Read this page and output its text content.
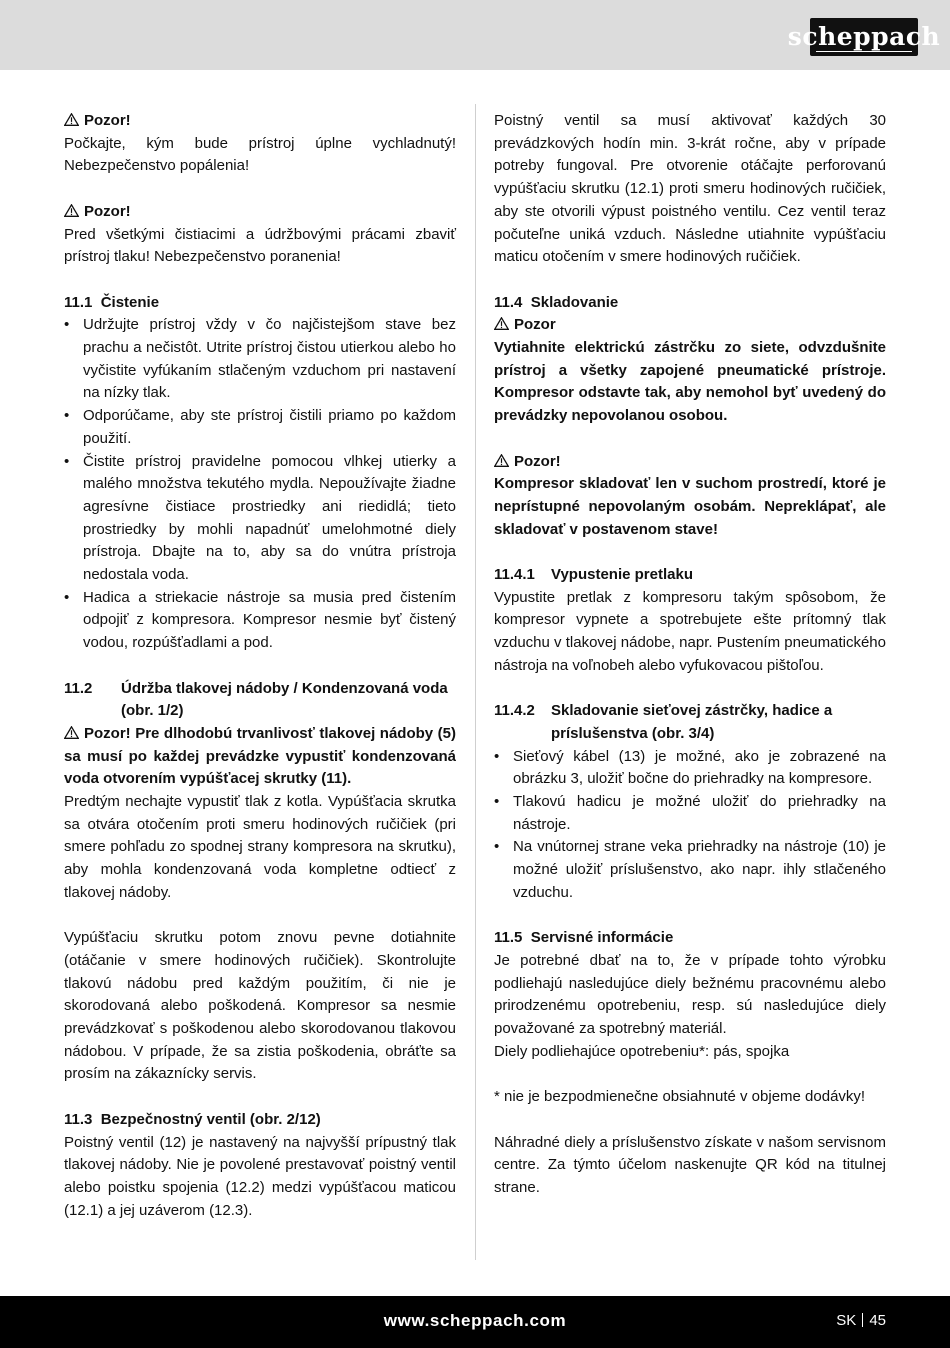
scheppach

Pozor!

Počkajte, kým bude prístroj úplne vychladnutý! Nebezpečenstvo popálenia!

Pozor!

Pred všetkými čistiacimi a údržbovými prácami zbaviť prístroj tlaku! Nebezpečenstvo poranenia!

11.1 Čistenie
• Udržujte prístroj vždy v čo najčistejšom stave bez prachu a nečistôt. Utrite prístroj čistou utierkou alebo ho vyčistite vyfúkaním stlačeným vzduchom pri nastavení na nízky tlak.
• Odporúčame, aby ste prístroj čistili priamo po každom použití.
• Čistite prístroj pravidelne pomocou vlhkej utierky a malého množstva tekutého mydla. Nepoužívajte žiadne agresívne čistiace prostriedky ani riedidlá; tieto prostriedky by mohli napadnúť umelohmotné diely prístroja. Dbajte na to, aby sa do vnútra prístroja nedostala voda.
• Hadica a striekacie nástroje sa musia pred čistením odpojiť z kompresora. Kompresor nesmie byť čistený vodou, rozpúšťadlami a pod.
11.2	Údržba tlakovej nádoby / Kondenzovaná voda (obr. 1/2)

Pozor! Pre dlhodobú trvanlivosť tlakovej nádoby (5) sa musí po každej prevádzke vypustiť kondenzovaná voda otvorením vypúšťacej skrutky (11).

Predtým nechajte vypustiť tlak z kotla. Vypúšťacia skrutka sa otvára otočením proti smeru hodinových ručičiek (pri smere pohľadu zo spodnej strany kompresora na skrutku), aby mohla kondenzovaná voda kompletne odtiecť z tlakovej nádoby.

Vypúšťaciu skrutku potom znovu pevne dotiahnite (otáčanie v smere hodinových ručičiek). Skontrolujte tlakovú nádobu pred každým použitím, či nie je skorodovaná alebo poškodená. Kompresor sa nesmie prevádzkovať s poškodenou alebo skorodovanou tlakovou nádobou. V prípade, že sa zistia poškodenia, obráťte sa prosím na zákaznícky servis.

11.3 Bezpečnostný ventil (obr. 2/12)

Poistný ventil (12) je nastavený na najvyšší prípustný tlak tlakovej nádoby. Nie je povolené prestavovať poistný ventil alebo poistku spojenia (12.2) medzi vypúšťacou maticou (12.1) a jej uzáverom (12.3).

Poistný ventil sa musí aktivovať každých 30 prevádzkových hodín min. 3-krát ročne, aby v prípade potreby fungoval. Pre otvorenie otáčajte perforovanú vypúšťaciu skrutku (12.1) proti smeru hodinových ručičiek, aby ste otvorili výpust poistného ventilu. Cez ventil teraz počuteľne uniká vzduch. Následne utiahnite vypúšťaciu maticu otočením v smere hodinových ručičiek.

11.4 Skladovanie

Pozor

Vytiahnite elektrickú zástrčku zo siete, odvzdušnite prístroj a všetky zapojené pneumatické prístroje. Kompresor odstavte tak, aby nemohol byť uvedený do prevádzky nepovolanou osobou.

Pozor!

Kompresor skladovať len v suchom prostredí, ktoré je neprístupné nepovolaným osobám. Nepreklápať, ale skladovať v postavenom stave!

11.4.1	Vypustenie pretlaku

Vypustite pretlak z kompresoru takým spôsobom, že kompresor vypnete a spotrebujete ešte prítomný tlak vzduchu v tlakovej nádobe, napr. Pustením pneumatického nástroja na voľnobeh alebo vyfukovacou pištoľou.

11.4.2	Skladovanie sieťovej zástrčky, hadice a príslušenstva (obr. 3/4)
• Sieťový kábel (13) je možné, ako je zobrazené na obrázku 3, uložiť bočne do priehradky na kompresore.
• Tlakovú hadicu je možné uložiť do priehradky na nástroje.
• Na vnútornej strane veka priehradky na nástroje (10) je možné uložiť príslušenstvo, ako napr. ihly stlačeného vzduchu.
11.5 Servisné informácie

Je potrebné dbať na to, že v prípade tohto výrobku podliehajú nasledujúce diely bežnému pracovnému alebo prirodzenému opotrebeniu, resp. sú nasledujúce diely považované za spotrebný materiál.

Diely podliehajúce opotrebeniu*: pás, spojka

* nie je bezpodmienečne obsiahnuté v objeme dodávky!

Náhradné diely a príslušenstvo získate v našom servisnom centre. Za týmto účelom naskenujte QR kód na titulnej strane.

www.scheppach.com	SK 45
